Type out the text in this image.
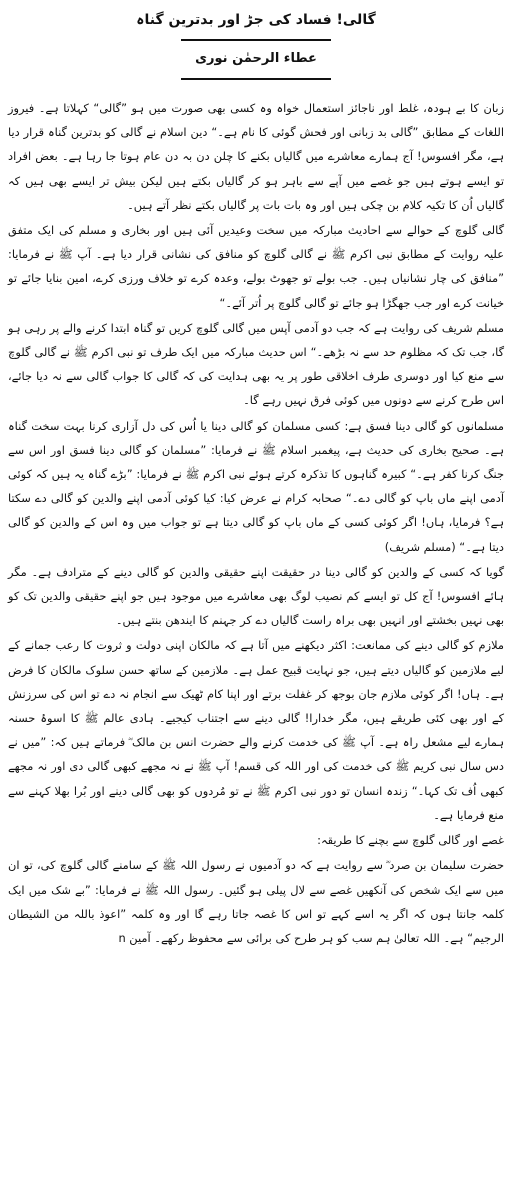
گالی! فساد کی جڑ اور بدترین گناہ
عطاء الرحمٰن نوری

زبان کا بے ہودہ، غلط اور ناجائز استعمال خواہ وہ کسی بھی صورت میں ہو ”گالی“ کہلاتا ہے۔ فیروز اللغات کے مطابق ”گالی بد زبانی اور فحش گوئی کا نام ہے۔“ دین اسلام نے گالی کو بدترین گناہ قرار دیا ہے، مگر افسوس! آج ہمارے معاشرے میں گالیاں بکنے کا چلن دن بہ دن عام ہوتا جا رہا ہے۔ بعض افراد تو ایسے ہوتے ہیں جو غصے میں آپے سے باہر ہو کر گالیاں بکتے ہیں لیکن بیش تر ایسے بھی ہیں کہ گالیاں اُن کا تکیہ کلام بن چکی ہیں اور وہ بات بات پر گالیاں بکتے نظر آتے ہیں۔

گالی گلوچ کے حوالے سے احادیث مبارکہ میں سخت وعیدیں آئی ہیں اور بخاری و مسلم کی ایک متفق علیہ روایت کے مطابق نبی اکرم ﷺ نے گالی گلوچ کو منافق کی نشانی قرار دیا ہے۔ آپ ﷺ نے فرمایا: ”منافق کی چار نشانیاں ہیں۔ جب بولے تو جھوٹ بولے، وعدہ کرے تو خلاف ورزی کرے، امین بنایا جائے تو خیانت کرے اور جب جھگڑا ہو جائے تو گالی گلوچ پر اُتر آئے۔“

مسلم شریف کی روایت ہے کہ جب دو آدمی آپس میں گالی گلوچ کریں تو گناہ ابتدا کرنے والے پر رہی ہو گا، جب تک کہ مظلوم حد سے نہ بڑھے۔“ اس حدیث مبارکہ میں ایک طرف تو نبی اکرم ﷺ نے گالی گلوچ سے منع کیا اور دوسری طرف اخلاقی طور پر یہ بھی ہدایت کی کہ گالی کا جواب گالی سے نہ دیا جائے، اس طرح کرنے سے دونوں میں کوئی فرق نہیں رہے گا۔

مسلمانوں کو گالی دینا فسق ہے: کسی مسلمان کو گالی دینا یا اُس کی دل آزاری کرنا بہت سخت گناہ ہے۔ صحیح بخاری کی حدیث ہے، پیغمبر اسلام ﷺ نے فرمایا: ”مسلمان کو گالی دینا فسق اور اس سے جنگ کرنا کفر ہے۔“ کبیرہ گناہوں کا تذکرہ کرتے ہوئے نبی اکرم ﷺ نے فرمایا: ”بڑے گناہ یہ ہیں کہ کوئی آدمی اپنے ماں باپ کو گالی دے۔“ صحابہ کرام نے عرض کیا: کیا کوئی آدمی اپنے والدین کو گالی دے سکتا ہے؟ فرمایا، ہاں! اگر کوئی کسی کے ماں باپ کو گالی دیتا ہے تو جواب میں وہ اس کے والدین کو گالی دیتا ہے۔“ (مسلم شریف)

گویا کہ کسی کے والدین کو گالی دینا در حقیقت اپنے حقیقی والدین کو گالی دینے کے مترادف ہے۔ مگر ہائے افسوس! آج کل تو ایسے کم نصیب لوگ بھی معاشرے میں موجود ہیں جو اپنے حقیقی والدین تک کو بھی نہیں بخشتے اور انہیں بھی براہ راست گالیاں دے کر جہنم کا ایندھن بنتے ہیں۔

ملازم کو گالی دینے کی ممانعت: اکثر دیکھنے میں آتا ہے کہ مالکان اپنی دولت و ثروت کا رعب جمانے کے لیے ملازمین کو گالیاں دیتے ہیں، جو نہایت قبیح عمل ہے۔ ملازمین کے ساتھ حسن سلوک مالکان کا فرض ہے۔ ہاں! اگر کوئی ملازم جان بوجھ کر غفلت برتے اور اپنا کام ٹھیک سے انجام نہ دے تو اس کی سرزنش کے اور بھی کئی طریقے ہیں، مگر خدارا! گالی دینے سے اجتناب کیجیے۔ ہادی عالم ﷺ کا اسوۂ حسنہ ہمارے لیے مشعل راہ ہے۔ آپ ﷺ کی خدمت کرنے والے حضرت انس بن مالک ؓ فرماتے ہیں کہ: ”میں نے دس سال نبی کریم ﷺ کی خدمت کی اور اللہ کی قسم! آپ ﷺ نے نہ مجھے کبھی گالی دی اور نہ مجھے کبھی اُف تک کہا۔“ زندہ انسان تو دور نبی اکرم ﷺ نے تو مُردوں کو بھی گالی دینے اور بُرا بھلا کہنے سے منع فرمایا ہے۔

غصے اور گالی گلوچ سے بچنے کا طریقہ:

حضرت سلیمان بن صرد ؓ سے روایت ہے کہ دو آدمیوں نے رسول اللہ ﷺ کے سامنے گالی گلوچ کی، تو ان میں سے ایک شخص کی آنکھیں غصے سے لال پیلی ہو گئیں۔ رسول اللہ ﷺ نے فرمایا: ”بے شک میں ایک کلمہ جانتا ہوں کہ اگر یہ اسے کہے تو اس کا غصہ جاتا رہے گا اور وہ کلمہ ”اعوذ باللہ من الشیطان الرجیم“ ہے۔ اللہ تعالیٰ ہم سب کو ہر طرح کی برائی سے محفوظ رکھے۔ آمین n
